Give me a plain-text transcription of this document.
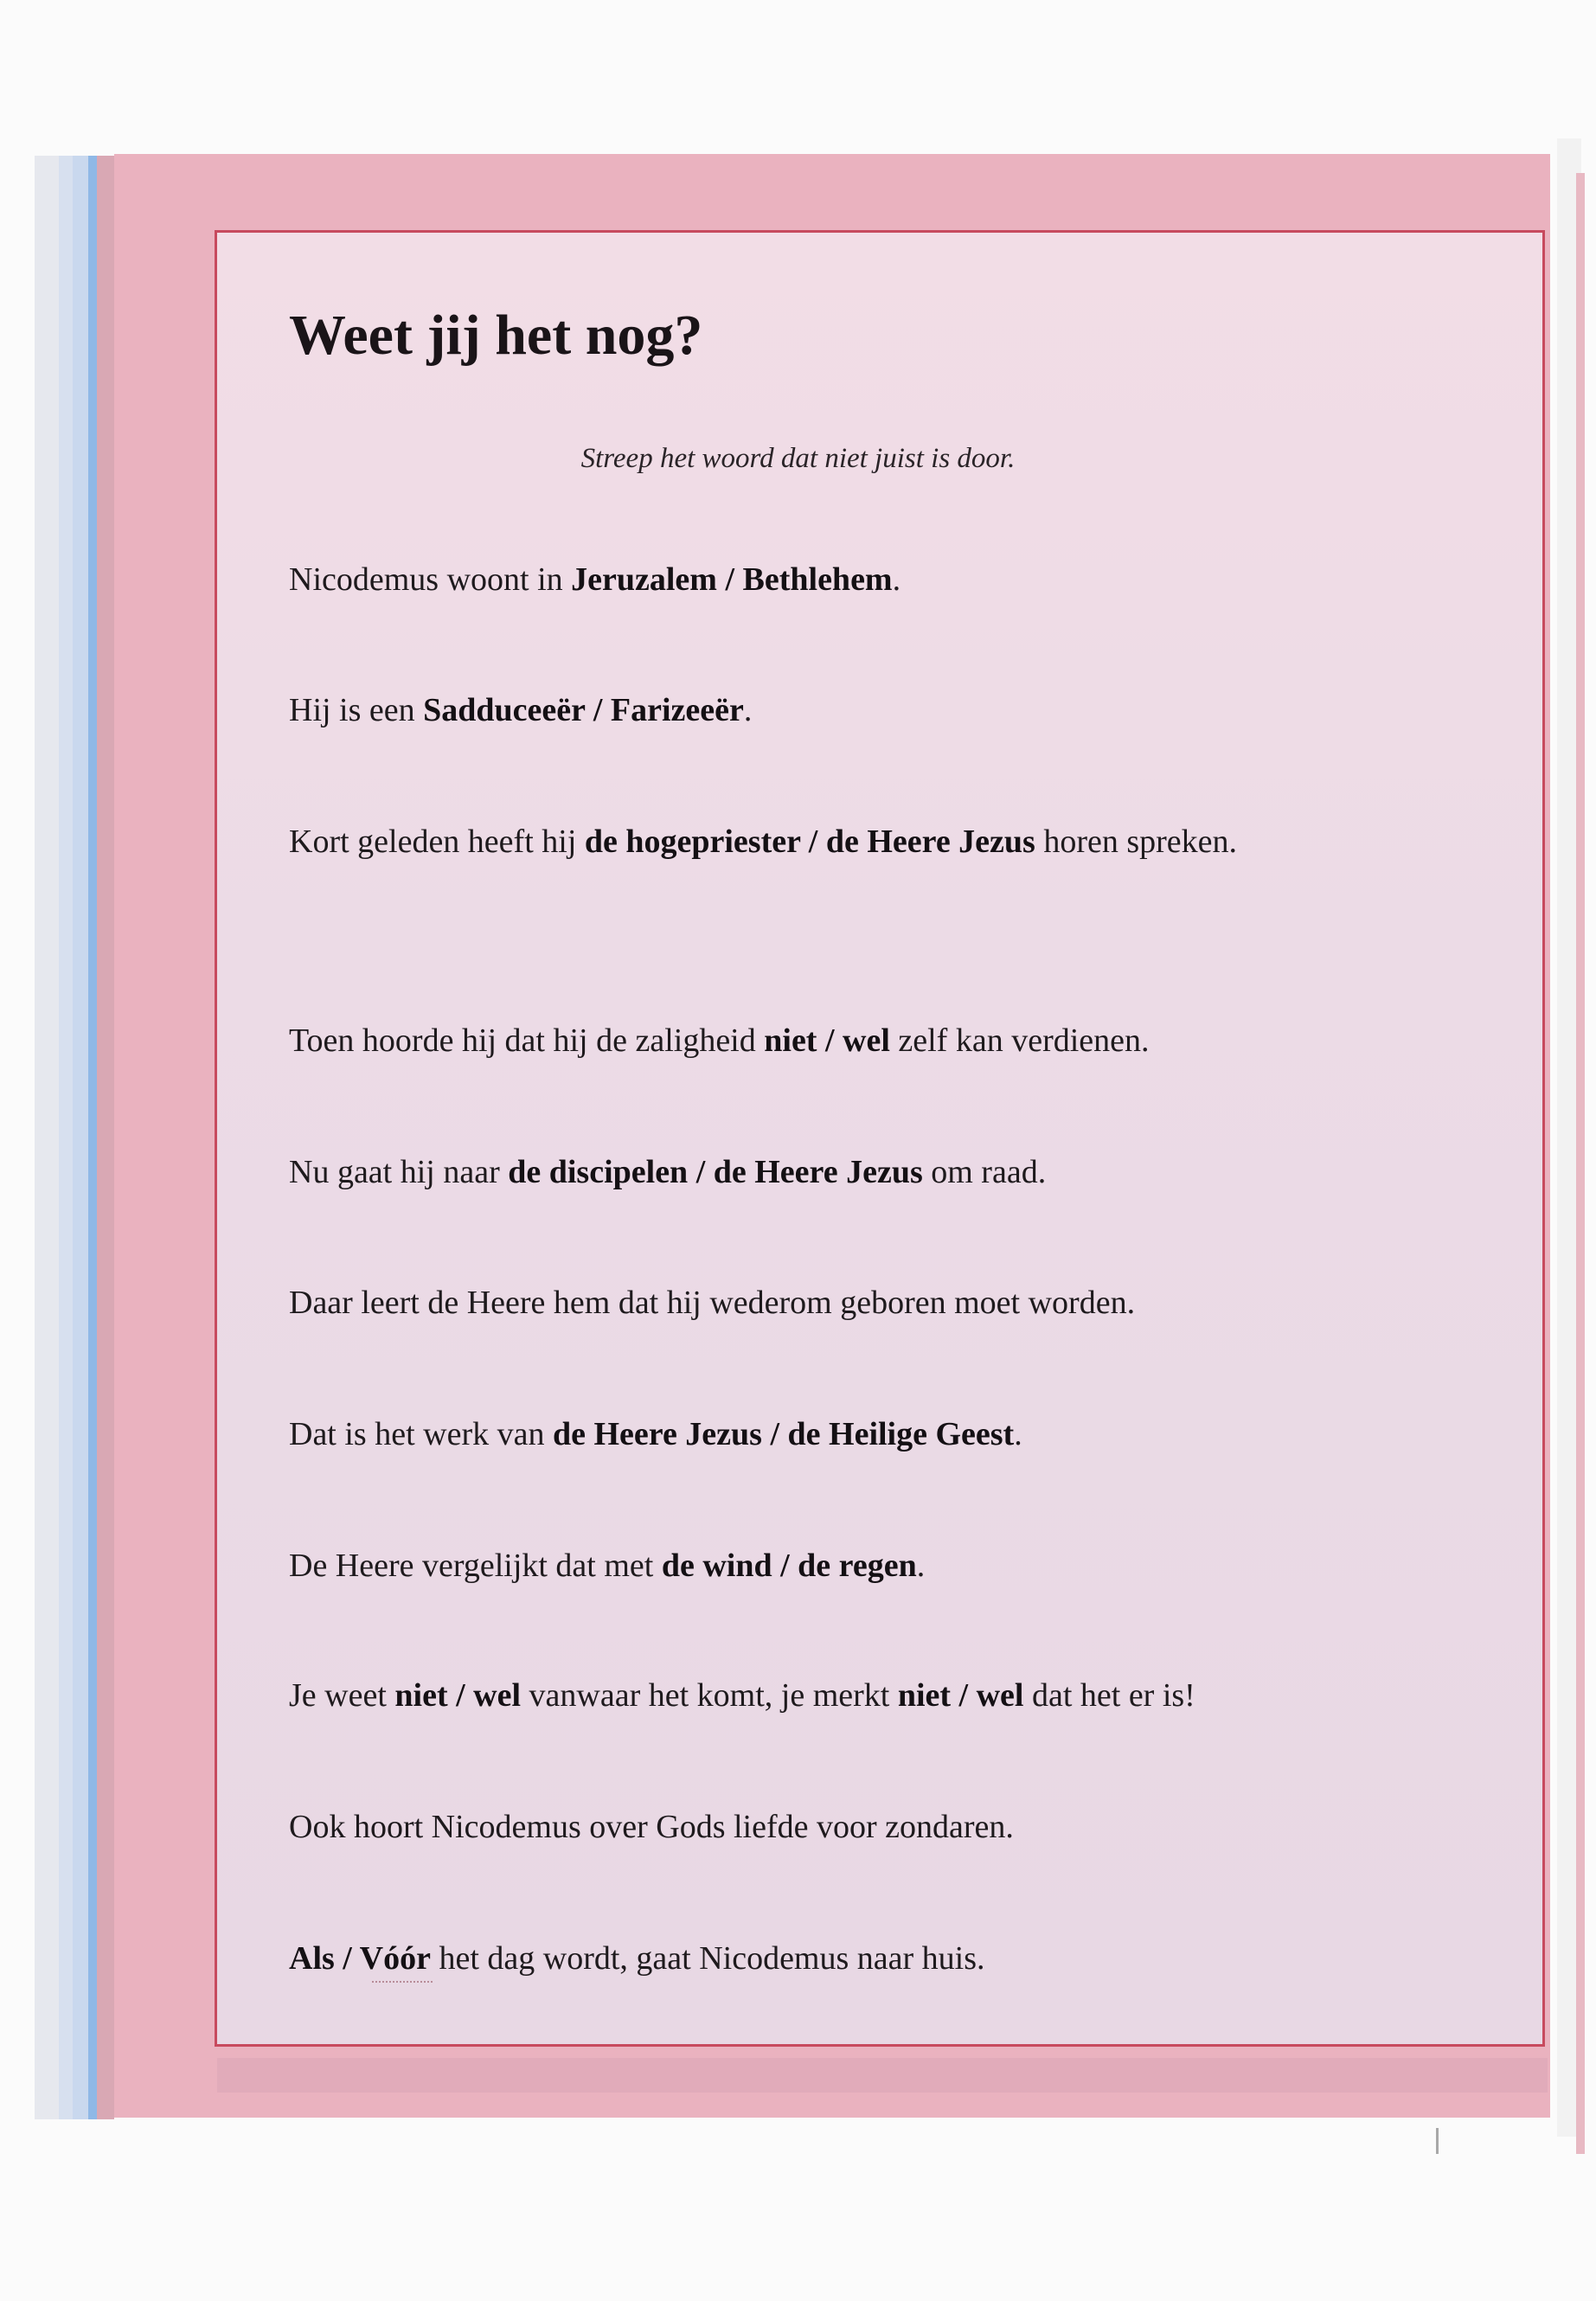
Weet jij het nog?
Streep het woord dat niet juist is door.
Nicodemus woont in Jeruzalem / Bethlehem.
Hij is een Sadduceeër / Farizeeër.
Kort geleden heeft hij de hogepriester / de Heere Jezus horen spreken.
Toen hoorde hij dat hij de zaligheid niet / wel zelf kan verdienen.
Nu gaat hij naar de discipelen / de Heere Jezus om raad.
Daar leert de Heere hem dat hij wederom geboren moet worden.
Dat is het werk van de Heere Jezus / de Heilige Geest.
De Heere vergelijkt dat met de wind / de regen.
Je weet niet / wel vanwaar het komt, je merkt niet / wel dat het er is!
Ook hoort Nicodemus over Gods liefde voor zondaren.
Als / Vóór het dag wordt, gaat Nicodemus naar huis.
